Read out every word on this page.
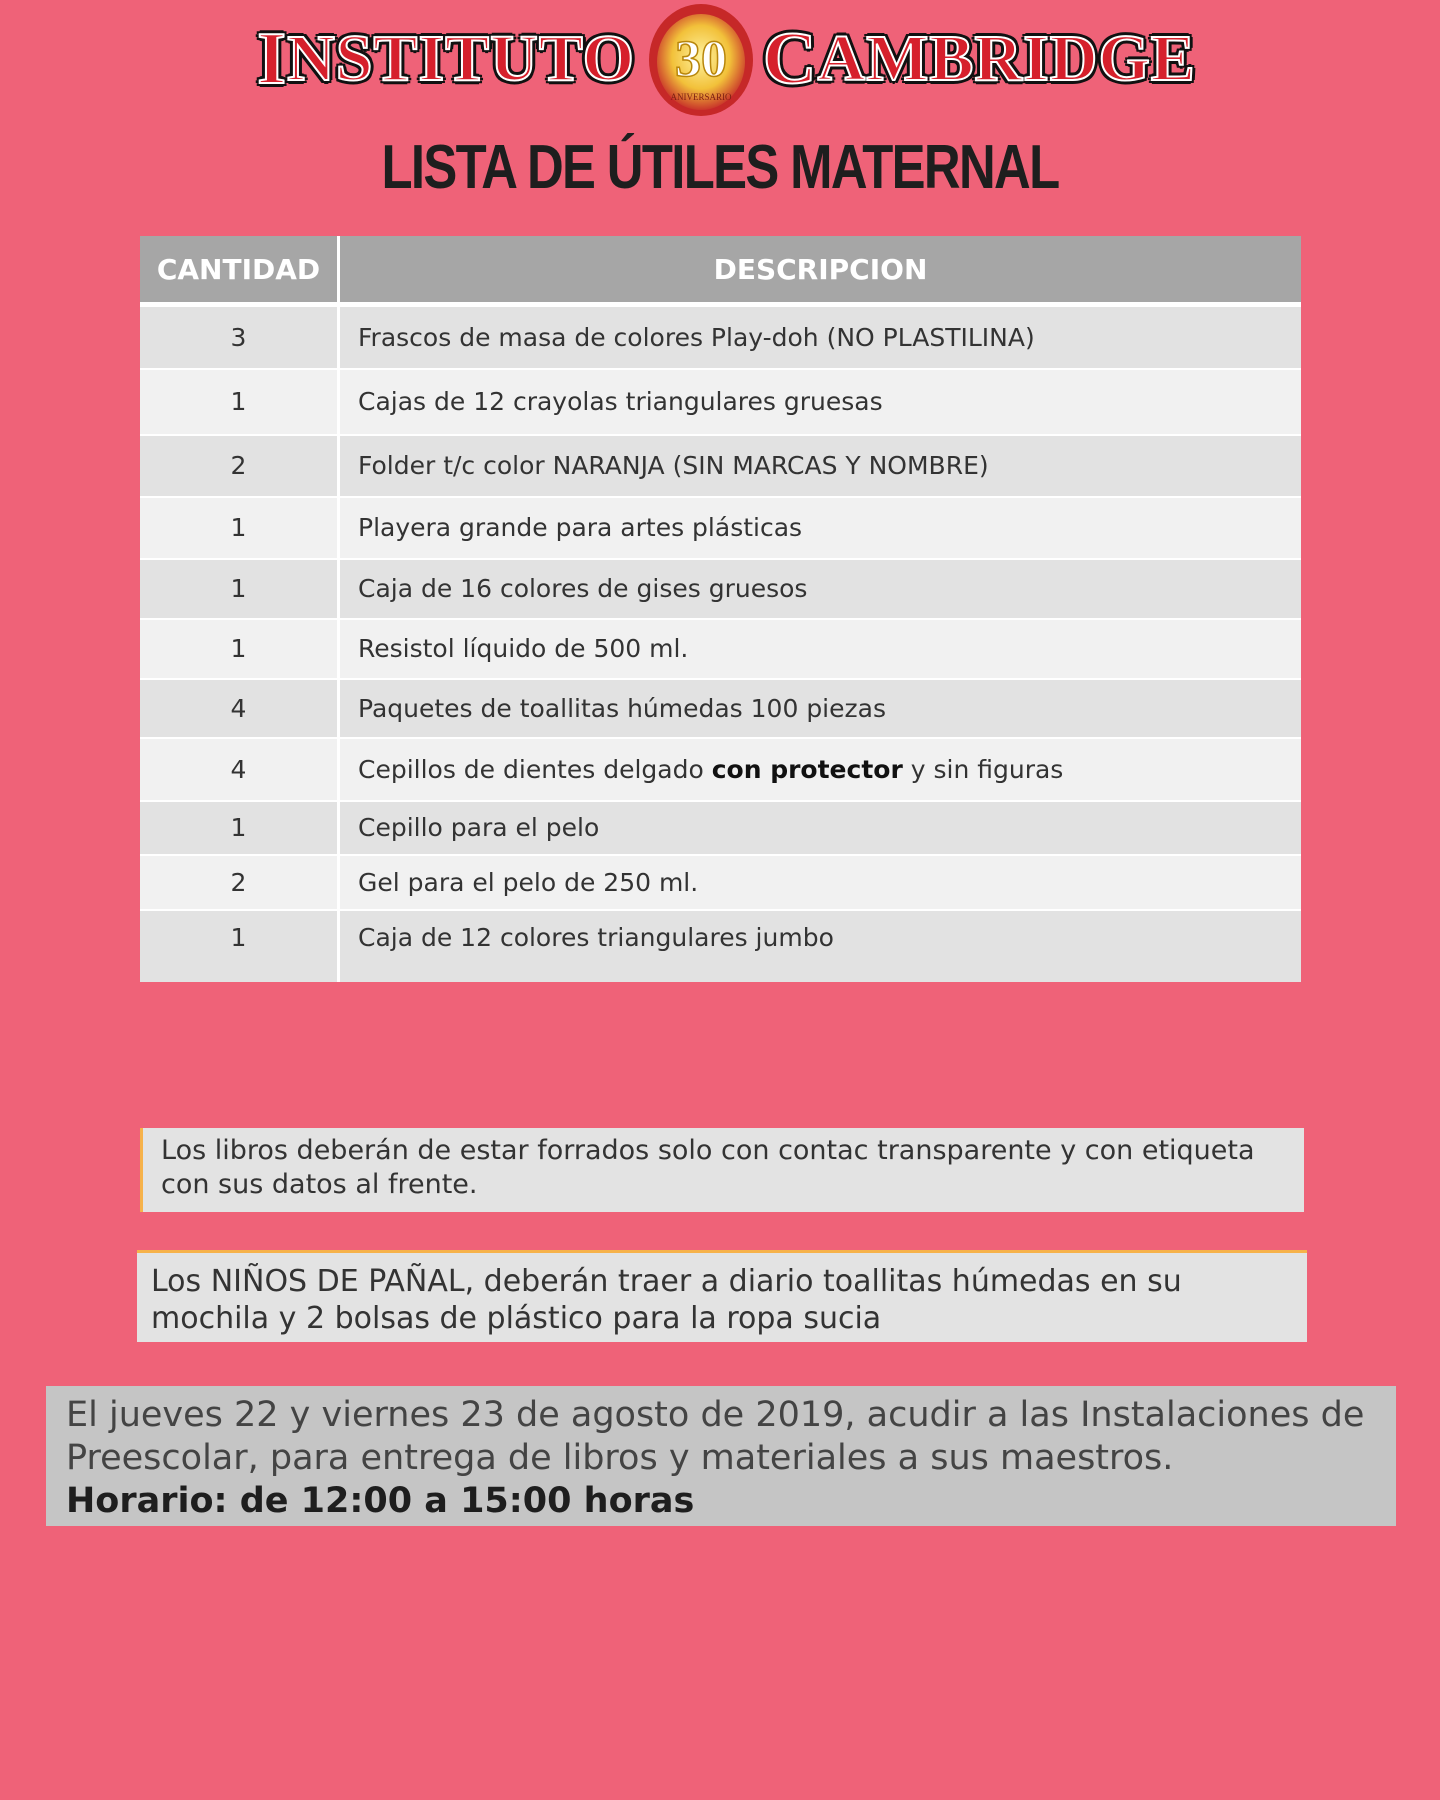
I NSTITUTO 30
ANIVERSARIO C AMBRIDGE
LISTA DE ÚTILES MATERNAL
CANTIDAD	DESCRIPCION
3	Frascos de masa de colores Play-doh (NO PLASTILINA)
1	Cajas de 12 crayolas triangulares gruesas
2	Folder t/c color NARANJA (SIN MARCAS Y NOMBRE)
1	Playera grande para artes plásticas
1	Caja de 16 colores de gises gruesos
1	Resistol líquido de 500 ml.
4	Paquetes de toallitas húmedas 100 piezas
4	Cepillos de dientes delgado con protector y sin figuras
1	Cepillo para el pelo
2	Gel para el pelo de 250 ml.
1	Caja de 12 colores triangulares jumbo
Los libros deberán de estar forrados solo con contac transparente y con etiqueta con sus datos al frente.
Los NIÑOS DE PAÑAL, deberán traer a diario toallitas húmedas en su mochila y 2 bolsas de plástico para la ropa sucia
El jueves 22 y viernes 23 de agosto de 2019, acudir a las Instalaciones de Preescolar, para entrega de libros y materiales a sus maestros.
Horario: de 12:00 a 15:00 horas
